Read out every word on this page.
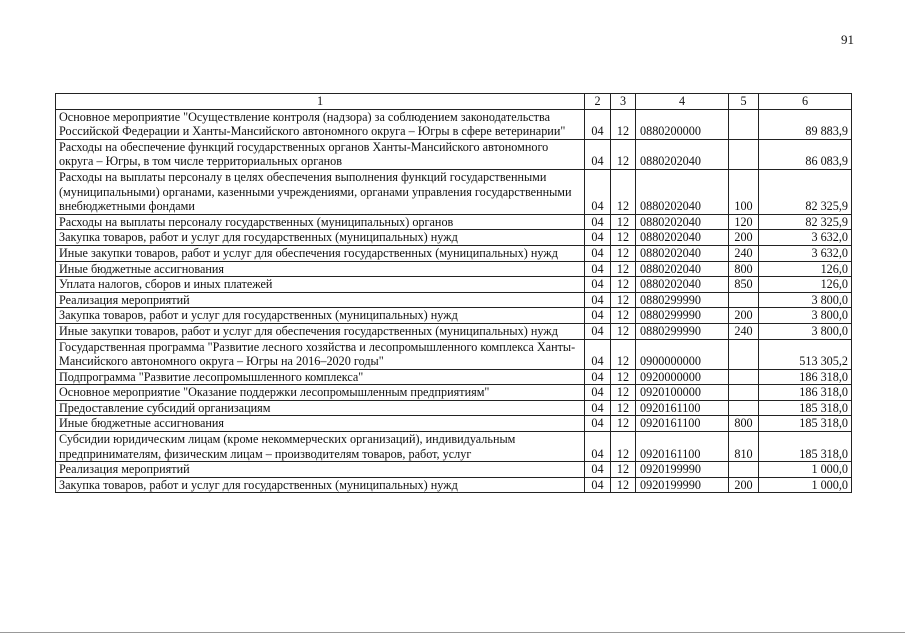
91
1	2	3	4	5	6
Основное мероприятие "Осуществление контроля (надзора) за соблюдением законодательства Российской Федерации и Ханты-Мансийского автономного округа – Югры в сфере ветеринарии"	04	12	0880200000		89 883,9
Расходы на обеспечение функций государственных органов Ханты-Мансийского автономного округа – Югры, в том числе территориальных органов	04	12	0880202040		86 083,9
Расходы на выплаты персоналу в целях обеспечения выполнения функций государственными (муниципальными) органами, казенными учреждениями, органами управления государственными внебюджетными фондами	04	12	0880202040	100	82 325,9
Расходы на выплаты персоналу государственных (муниципальных) органов	04	12	0880202040	120	82 325,9
Закупка товаров, работ и услуг для государственных (муниципальных) нужд	04	12	0880202040	200	3 632,0
Иные закупки товаров, работ и услуг для обеспечения государственных (муниципальных) нужд	04	12	0880202040	240	3 632,0
Иные бюджетные ассигнования	04	12	0880202040	800	126,0
Уплата налогов, сборов и иных платежей	04	12	0880202040	850	126,0
Реализация мероприятий	04	12	0880299990		3 800,0
Закупка товаров, работ и услуг для государственных (муниципальных) нужд	04	12	0880299990	200	3 800,0
Иные закупки товаров, работ и услуг для обеспечения государственных (муниципальных) нужд	04	12	0880299990	240	3 800,0
Государственная программа "Развитие лесного хозяйства и лесопромышленного комплекса Ханты-Мансийского автономного округа – Югры на 2016–2020 годы"	04	12	0900000000		513 305,2
Подпрограмма "Развитие лесопромышленного комплекса"	04	12	0920000000		186 318,0
Основное мероприятие "Оказание поддержки лесопромышленным предприятиям"	04	12	0920100000		186 318,0
Предоставление субсидий организациям	04	12	0920161100		185 318,0
Иные бюджетные ассигнования	04	12	0920161100	800	185 318,0
Субсидии юридическим лицам (кроме некоммерческих организаций), индивидуальным предпринимателям, физическим лицам – производителям товаров, работ, услуг	04	12	0920161100	810	185 318,0
Реализация мероприятий	04	12	0920199990		1 000,0
Закупка товаров, работ и услуг для государственных (муниципальных) нужд	04	12	0920199990	200	1 000,0
